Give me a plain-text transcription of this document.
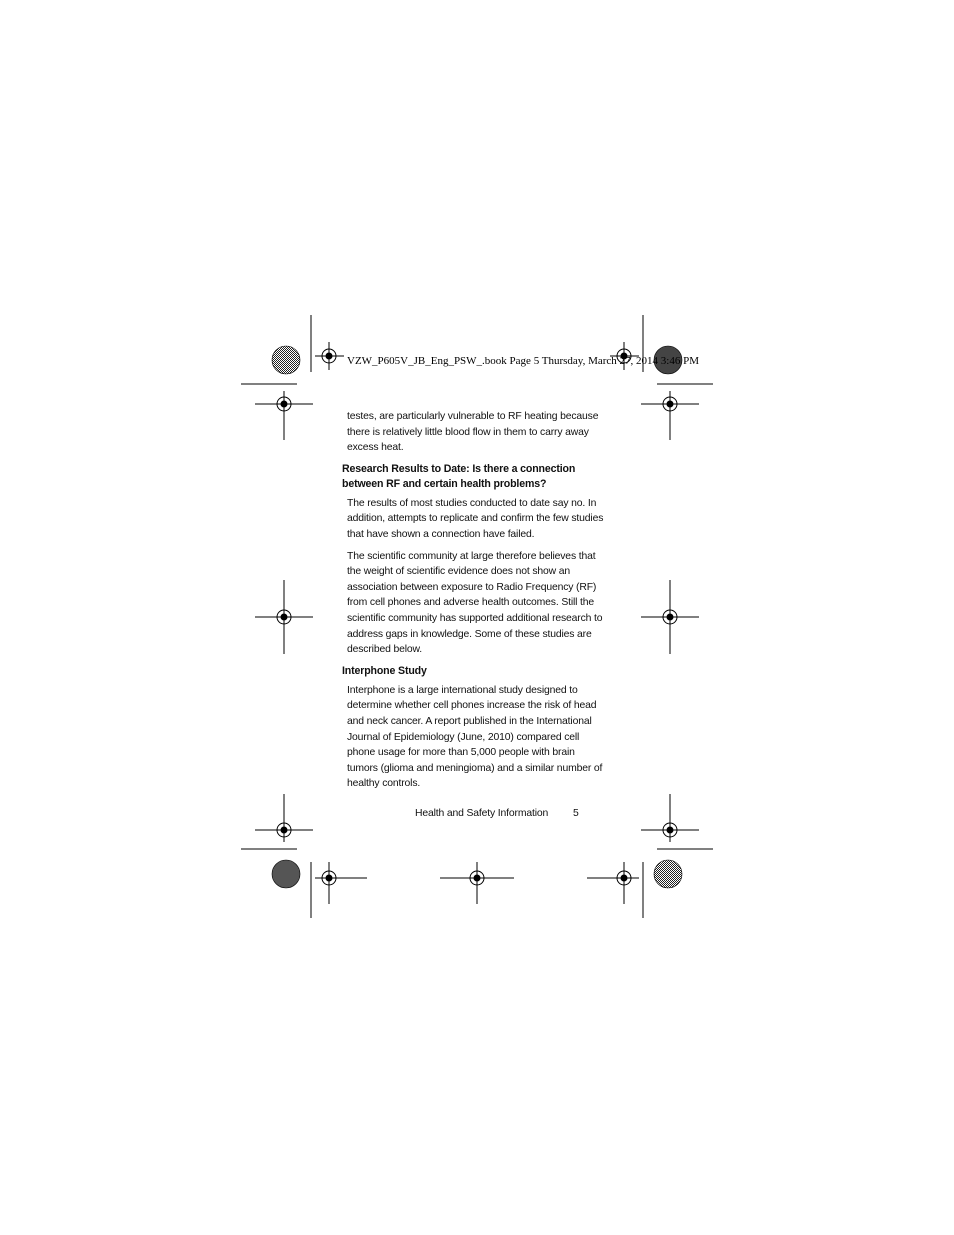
VZW_P605V_JB_Eng_PSW_.book Page 5 Thursday, March 27, 2014 3:46 PM

testes, are particularly vulnerable to RF heating because there is relatively little blood flow in them to carry away excess heat.

Research Results to Date: Is there a connection between RF and certain health problems?

The results of most studies conducted to date say no. In addition, attempts to replicate and confirm the few studies that have shown a connection have failed.

The scientific community at large therefore believes that the weight of scientific evidence does not show an association between exposure to Radio Frequency (RF) from cell phones and adverse health outcomes. Still the scientific community has supported additional research to address gaps in knowledge. Some of these studies are described below.

Interphone Study

Interphone is a large international study designed to determine whether cell phones increase the risk of head and neck cancer. A report published in the International Journal of Epidemiology (June, 2010) compared cell phone usage for more than 5,000 people with brain tumors (glioma and meningioma) and a similar number of healthy controls.

Health and Safety Information 5
